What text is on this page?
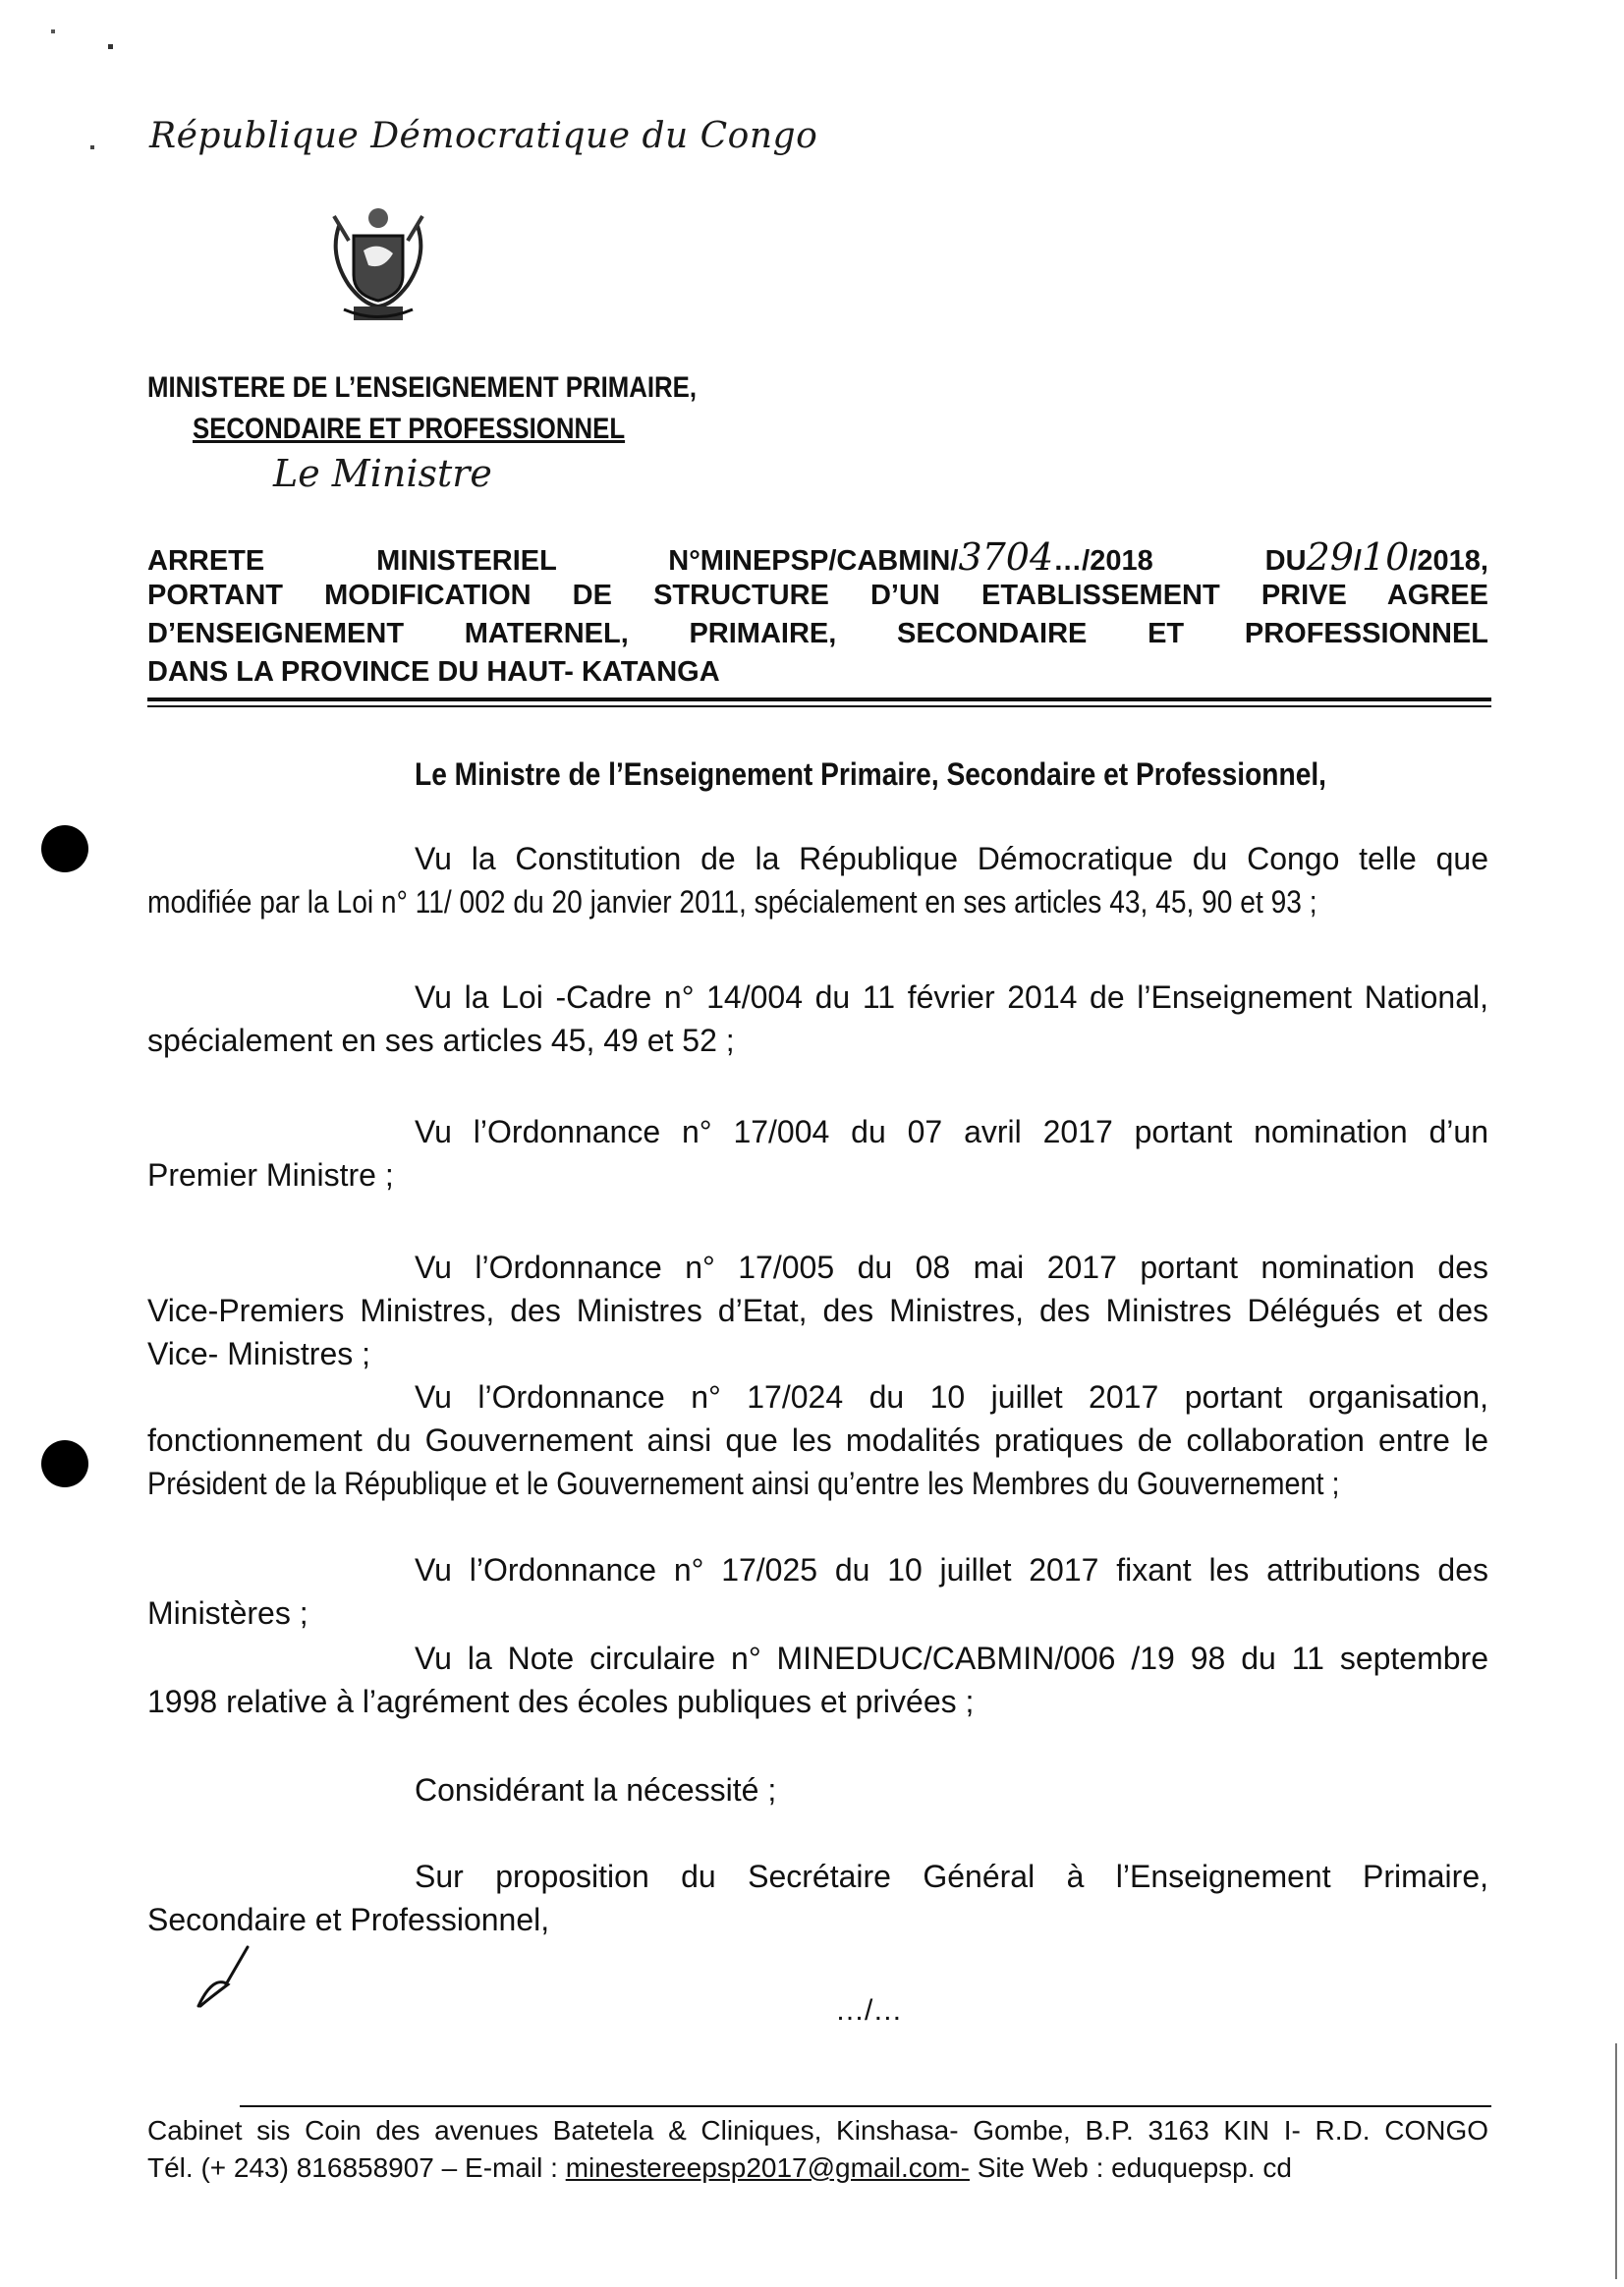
République Démocratique du Congo
MINISTERE DE L’ENSEIGNEMENT PRIMAIRE,
SECONDAIRE ET PROFESSIONNEL
Le Ministre
ARRETE	MINISTERIEL	N°MINEPSP/CABMIN/3704…/2018	DU29/10/2018,
PORTANT MODIFICATION DE STRUCTURE D’UN ETABLISSEMENT PRIVE AGREE
D’ENSEIGNEMENT MATERNEL, PRIMAIRE, SECONDAIRE ET PROFESSIONNEL
DANS LA PROVINCE DU HAUT- KATANGA
Le Ministre de l’Enseignement Primaire, Secondaire et Professionnel,
Vu la Constitution de la République Démocratique du Congo telle que
modifiée par la Loi n° 11/ 002 du 20 janvier 2011, spécialement en ses articles 43, 45, 90 et 93 ;
Vu la Loi -Cadre n° 14/004 du 11 février 2014 de l’Enseignement National,
spécialement en ses articles 45, 49 et 52 ;
Vu l’Ordonnance n° 17/004 du 07 avril 2017 portant nomination d’un
Premier Ministre ;
Vu l’Ordonnance n° 17/005 du 08 mai 2017 portant nomination des
Vice-Premiers Ministres, des Ministres d’Etat, des Ministres, des Ministres Délégués et des
Vice- Ministres ;
Vu l’Ordonnance n° 17/024 du 10 juillet 2017 portant organisation,
fonctionnement du Gouvernement ainsi que les modalités pratiques de collaboration entre le
Président de la République et le Gouvernement ainsi qu’entre les Membres du Gouvernement ;
Vu l’Ordonnance n° 17/025 du 10 juillet 2017 fixant les attributions des
Ministères ;
Vu la Note circulaire n° MINEDUC/CABMIN/006 /19 98 du 11 septembre
1998 relative à l’agrément des écoles publiques et privées ;
Considérant la nécessité ;
Sur proposition du Secrétaire Général à l’Enseignement Primaire,
Secondaire et Professionnel,
…/…
Cabinet sis Coin des avenues Batetela & Cliniques, Kinshasa- Gombe, B.P. 3163 KIN I- R.D. CONGO
Tél. (+ 243) 816858907 – E-mail : minestereepsp2017@gmail.com- Site Web : eduquepsp. cd
